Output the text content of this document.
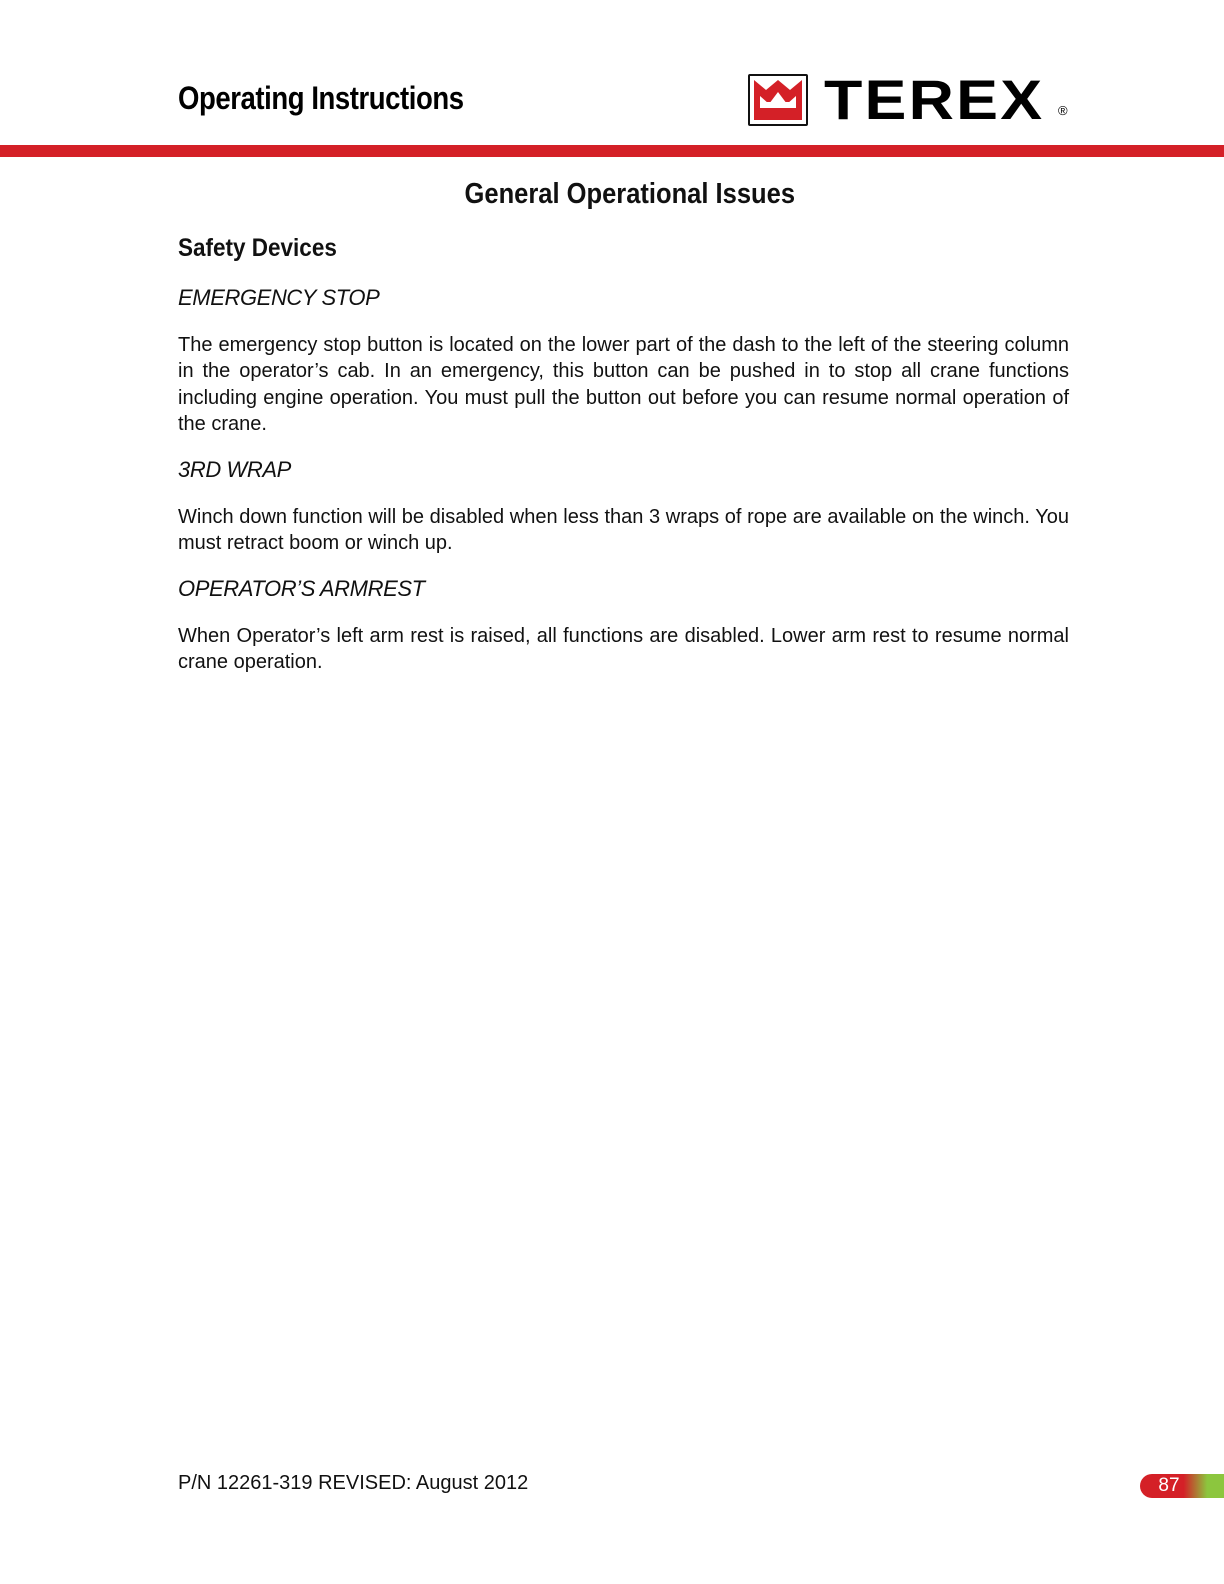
Operating Instructions	TEREX ®
General Operational Issues
Safety Devices
EMERGENCY STOP

The emergency stop button is located on the lower part of the dash to the left of the steering column in the operator’s cab. In an emergency, this button can be pushed in to stop all crane functions including engine operation. You must pull the button out before you can resume normal operation of the crane.

3RD WRAP

Winch down function will be disabled when less than 3 wraps of rope are available on the winch. You must retract boom or winch up.

OPERATOR’S ARMREST

When Operator’s left arm rest is raised, all functions are disabled. Lower arm rest to resume normal crane operation.

P/N 12261-319 REVISED: August 2012	87
